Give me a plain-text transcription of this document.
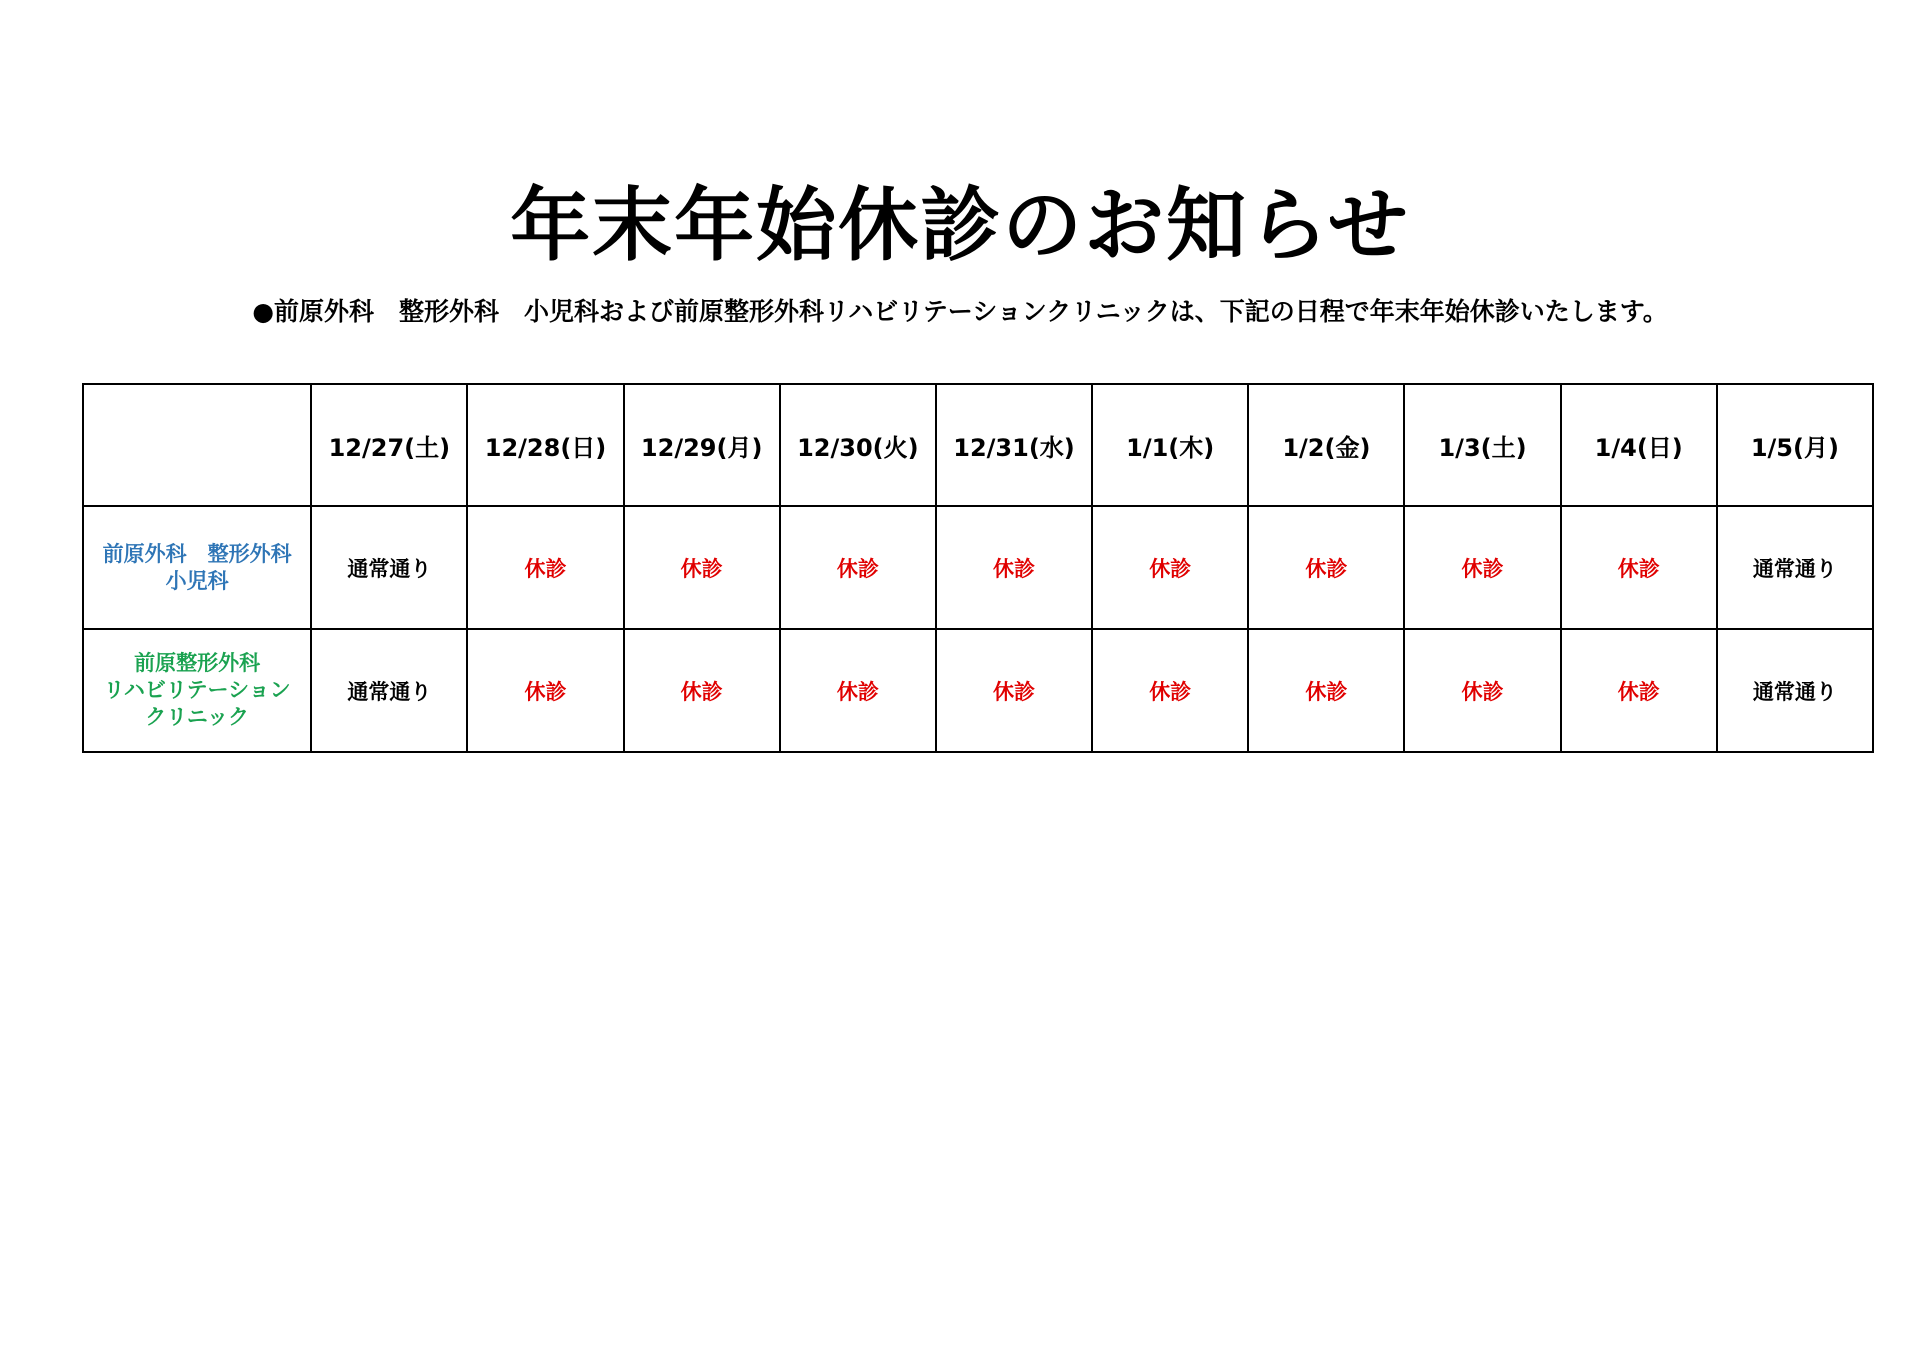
年末年始休診のお知らせ
●前原外科　整形外科　小児科および前原整形外科リハビリテーションクリニックは、下記の日程で年末年始休診いたします。
	12/27(土)	12/28(日)	12/29(月)	12/30(火)	12/31(水)	1/1(木)	1/2(金)	1/3(土)	1/4(日)	1/5(月)

前原外科　整形外科
小児科	通常通り	休診	休診	休診	休診	休診	休診	休診	休診	通常通り

前原整形外科
リハビリテーション
クリニック	通常通り	休診	休診	休診	休診	休診	休診	休診	休診	通常通り
